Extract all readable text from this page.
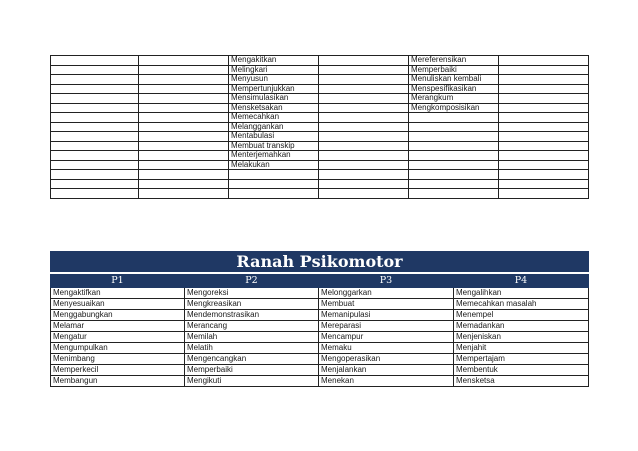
		Mengakitkan		Mereferensikan	
		Melingkari		Memperbaiki	
		Menyusun		Menuliskan kembali	
		Mempertunjukkan		Menspesifikasikan	
		Mensimulasikan		Merangkum	
		Mensketsakan		Mengkomposisikan	
		Memecahkan			
		Melanggankan			
		Mentabulasi			
		Membuat transkip			
		Menterjemahkan			
		Melakukan			

Ranah Psikomotor			
P1	P2	P3	P4
Mengaktifkan	Mengoreksi	Melonggarkan	Mengalihkan
Menyesuaikan	Mengkreasikan	Membuat	Memecahkan masalah
Menggabungkan	Mendemonstrasikan	Memanipulasi	Menempel
Melamar	Merancang	Mereparasi	Memadankan
Mengatur	Memilah	Mencampur	Menjeniskan
Mengumpulkan	Melatih	Memaku	Menjahit
Menimbang	Mengencangkan	Mengoperasikan	Mempertajam
Memperkecil	Memperbaiki	Menjalankan	Membentuk
Membangun	Mengikuti	Menekan	Mensketsa
